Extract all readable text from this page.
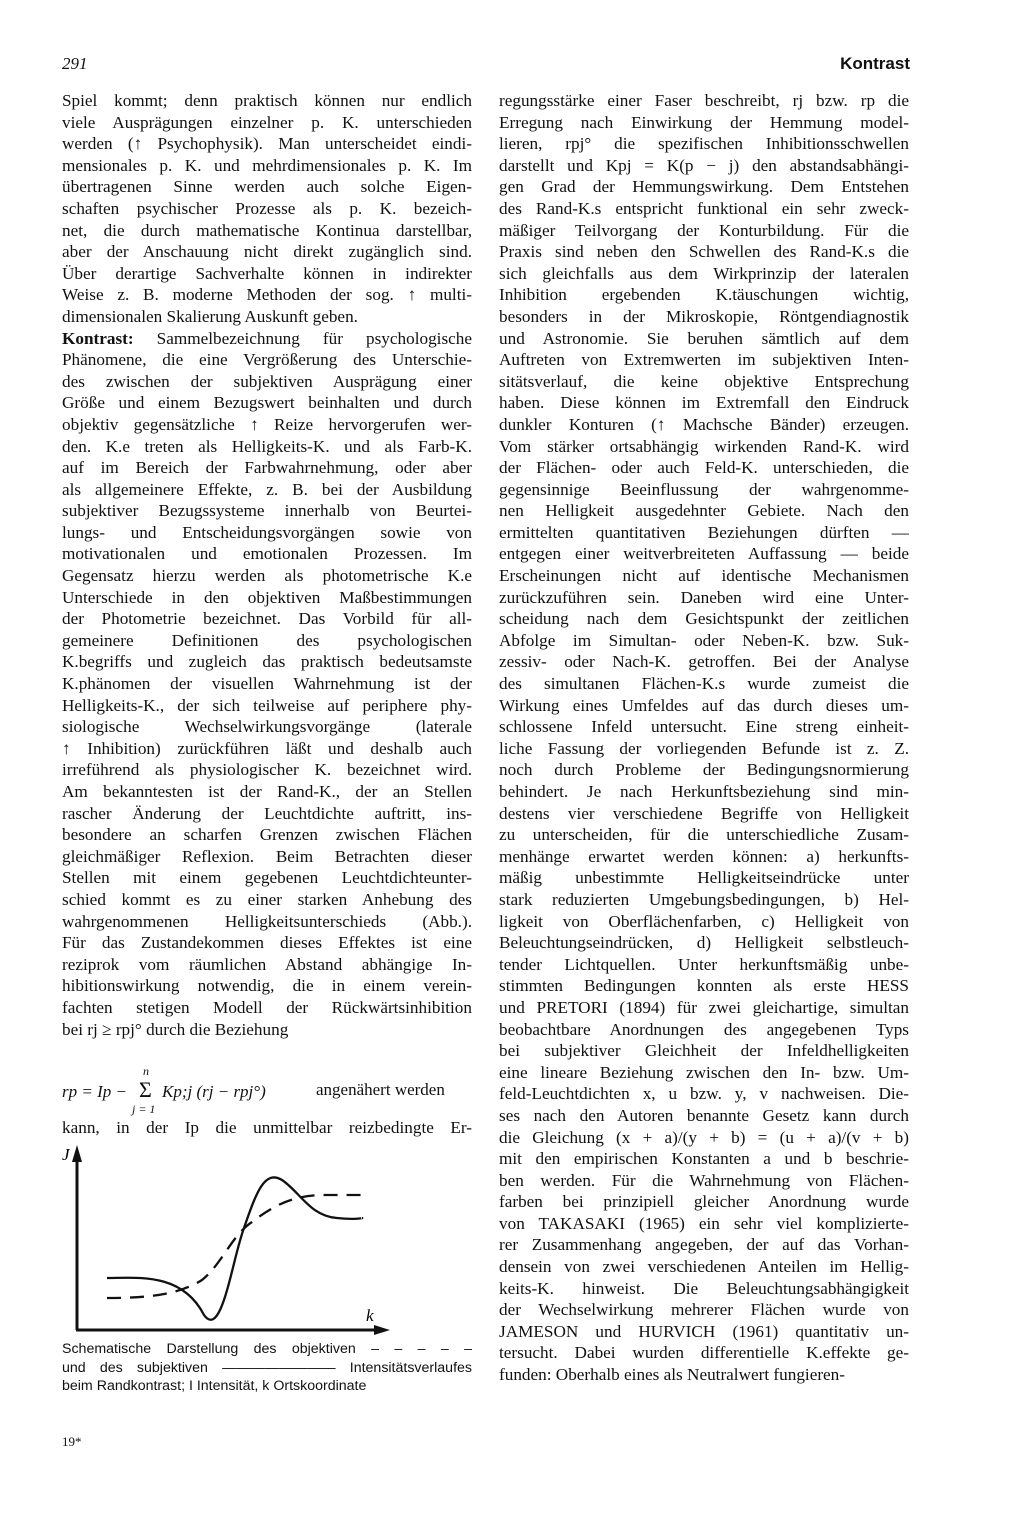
291	Kontrast
Spiel kommt; denn praktisch können nur endlich
viele Ausprägungen einzelner p. K. unterschieden
werden (↑ Psychophysik). Man unterscheidet eindi-
mensionales p. K. und mehrdimensionales p. K. Im
übertragenen Sinne werden auch solche Eigen-
schaften psychischer Prozesse als p. K. bezeich-
net, die durch mathematische Kontinua darstellbar,
aber der Anschauung nicht direkt zugänglich sind.
Über derartige Sachverhalte können in indirekter
Weise z. B. moderne Methoden der sog. ↑ multi-
dimensionalen Skalierung Auskunft geben.
Kontrast: Sammelbezeichnung für psychologische
Phänomene, die eine Vergrößerung des Unterschie-
des zwischen der subjektiven Ausprägung einer
Größe und einem Bezugswert beinhalten und durch
objektiv gegensätzliche ↑ Reize hervorgerufen wer-
den. K.e treten als Helligkeits-K. und als Farb-K.
auf im Bereich der Farbwahrnehmung, oder aber
als allgemeinere Effekte, z. B. bei der Ausbildung
subjektiver Bezugssysteme innerhalb von Beurtei-
lungs- und Entscheidungsvorgängen sowie von
motivationalen und emotionalen Prozessen. Im
Gegensatz hierzu werden als photometrische K.e
Unterschiede in den objektiven Maßbestimmungen
der Photometrie bezeichnet. Das Vorbild für all-
gemeinere Definitionen des psychologischen
K.begriffs und zugleich das praktisch bedeutsamste
K.phänomen der visuellen Wahrnehmung ist der
Helligkeits-K., der sich teilweise auf periphere phy-
siologische Wechselwirkungsvorgänge (laterale
↑ Inhibition) zurückführen läßt und deshalb auch
irreführend als physiologischer K. bezeichnet wird.
Am bekanntesten ist der Rand-K., der an Stellen
rascher Änderung der Leuchtdichte auftritt, ins-
besondere an scharfen Grenzen zwischen Flächen
gleichmäßiger Reflexion. Beim Betrachten dieser
Stellen mit einem gegebenen Leuchtdichteunter-
schied kommt es zu einer starken Anhebung des
wahrgenommenen Helligkeitsunterschieds (Abb.).
Für das Zustandekommen dieses Effektes ist eine
reziprok vom räumlichen Abstand abhängige In-
hibitionswirkung notwendig, die in einem verein-
fachten stetigen Modell der Rückwärtsinhibition
bei rj ≥ rpj° durch die Beziehung
rp = Ip −
n
Σ
j = 1
Kp;j (rj − rpj°)	angenähert werden
kann, in der Ip die unmittelbar reizbedingte Er-
J
k
Schematische Darstellung des objektiven – – – – –
und des subjektiven ———————— Intensitätsverlaufes
beim Randkontrast; I Intensität, k Ortskoordinate
19*
regungsstärke einer Faser beschreibt, rj bzw. rp die
Erregung nach Einwirkung der Hemmung model-
lieren, rpj° die spezifischen Inhibitionsschwellen
darstellt und Kpj = K(p − j) den abstandsabhängi-
gen Grad der Hemmungswirkung. Dem Entstehen
des Rand-K.s entspricht funktional ein sehr zweck-
mäßiger Teilvorgang der Konturbildung. Für die
Praxis sind neben den Schwellen des Rand-K.s die
sich gleichfalls aus dem Wirkprinzip der lateralen
Inhibition ergebenden K.täuschungen wichtig,
besonders in der Mikroskopie, Röntgendiagnostik
und Astronomie. Sie beruhen sämtlich auf dem
Auftreten von Extremwerten im subjektiven Inten-
sitätsverlauf, die keine objektive Entsprechung
haben. Diese können im Extremfall den Eindruck
dunkler Konturen (↑ Machsche Bänder) erzeugen.
Vom stärker ortsabhängig wirkenden Rand-K. wird
der Flächen- oder auch Feld-K. unterschieden, die
gegensinnige Beeinflussung der wahrgenomme-
nen Helligkeit ausgedehnter Gebiete. Nach den
ermittelten quantitativen Beziehungen dürften —
entgegen einer weitverbreiteten Auffassung — beide
Erscheinungen nicht auf identische Mechanismen
zurückzuführen sein. Daneben wird eine Unter-
scheidung nach dem Gesichtspunkt der zeitlichen
Abfolge im Simultan- oder Neben-K. bzw. Suk-
zessiv- oder Nach-K. getroffen. Bei der Analyse
des simultanen Flächen-K.s wurde zumeist die
Wirkung eines Umfeldes auf das durch dieses um-
schlossene Infeld untersucht. Eine streng einheit-
liche Fassung der vorliegenden Befunde ist z. Z.
noch durch Probleme der Bedingungsnormierung
behindert. Je nach Herkunftsbeziehung sind min-
destens vier verschiedene Begriffe von Helligkeit
zu unterscheiden, für die unterschiedliche Zusam-
menhänge erwartet werden können: a) herkunfts-
mäßig unbestimmte Helligkeitseindrücke unter
stark reduzierten Umgebungsbedingungen, b) Hel-
ligkeit von Oberflächenfarben, c) Helligkeit von
Beleuchtungseindrücken, d) Helligkeit selbstleuch-
tender Lichtquellen. Unter herkunftsmäßig unbe-
stimmten Bedingungen konnten als erste HESS
und PRETORI (1894) für zwei gleichartige, simultan
beobachtbare Anordnungen des angegebenen Typs
bei subjektiver Gleichheit der Infeldhelligkeiten
eine lineare Beziehung zwischen den In- bzw. Um-
feld-Leuchtdichten x, u bzw. y, v nachweisen. Die-
ses nach den Autoren benannte Gesetz kann durch
die Gleichung (x + a)/(y + b) = (u + a)/(v + b)
mit den empirischen Konstanten a und b beschrie-
ben werden. Für die Wahrnehmung von Flächen-
farben bei prinzipiell gleicher Anordnung wurde
von TAKASAKI (1965) ein sehr viel komplizierte-
rer Zusammenhang angegeben, der auf das Vorhan-
densein von zwei verschiedenen Anteilen im Hellig-
keits-K. hinweist. Die Beleuchtungsabhängigkeit
der Wechselwirkung mehrerer Flächen wurde von
JAMESON und HURVICH (1961) quantitativ un-
tersucht. Dabei wurden differentielle K.effekte ge-
funden: Oberhalb eines als Neutralwert fungieren-
